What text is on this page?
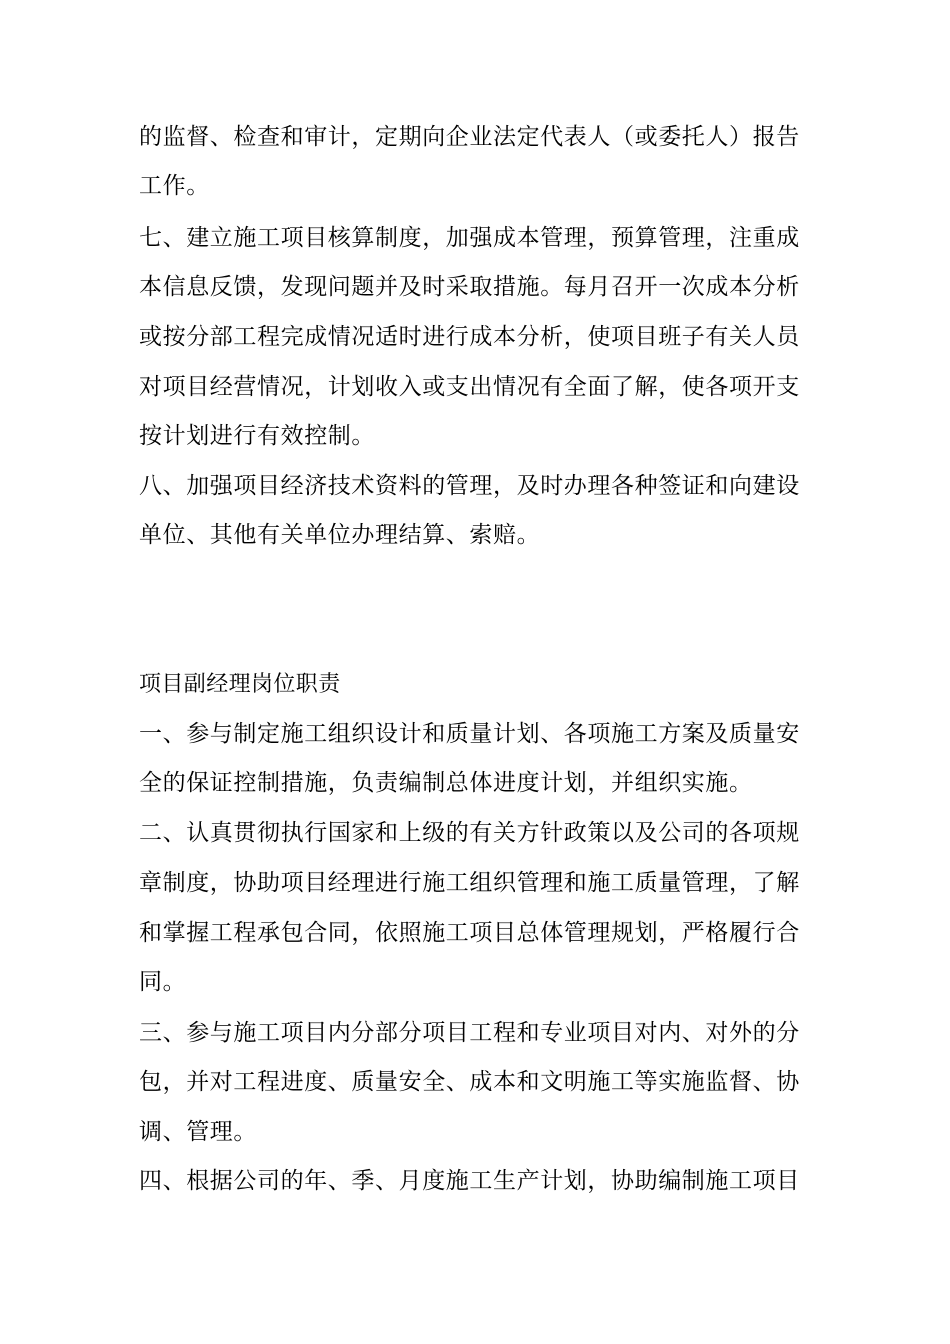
的监督、检查和审计，定期向企业法定代表人（或委托人）报告
工作。
七、建立施工项目核算制度，加强成本管理，预算管理，注重成
本信息反馈，发现问题并及时采取措施。每月召开一次成本分析
或按分部工程完成情况适时进行成本分析，使项目班子有关人员
对项目经营情况，计划收入或支出情况有全面了解，使各项开支
按计划进行有效控制。
八、加强项目经济技术资料的管理，及时办理各种签证和向建设
单位、其他有关单位办理结算、索赔。
项目副经理岗位职责
一、参与制定施工组织设计和质量计划、各项施工方案及质量安
全的保证控制措施，负责编制总体进度计划，并组织实施。
二、认真贯彻执行国家和上级的有关方针政策以及公司的各项规
章制度，协助项目经理进行施工组织管理和施工质量管理，了解
和掌握工程承包合同，依照施工项目总体管理规划，严格履行合
同。
三、参与施工项目内分部分项目工程和专业项目对内、对外的分
包，并对工程进度、质量安全、成本和文明施工等实施监督、协
调、管理。
四、根据公司的年、季、月度施工生产计划，协助编制施工项目
